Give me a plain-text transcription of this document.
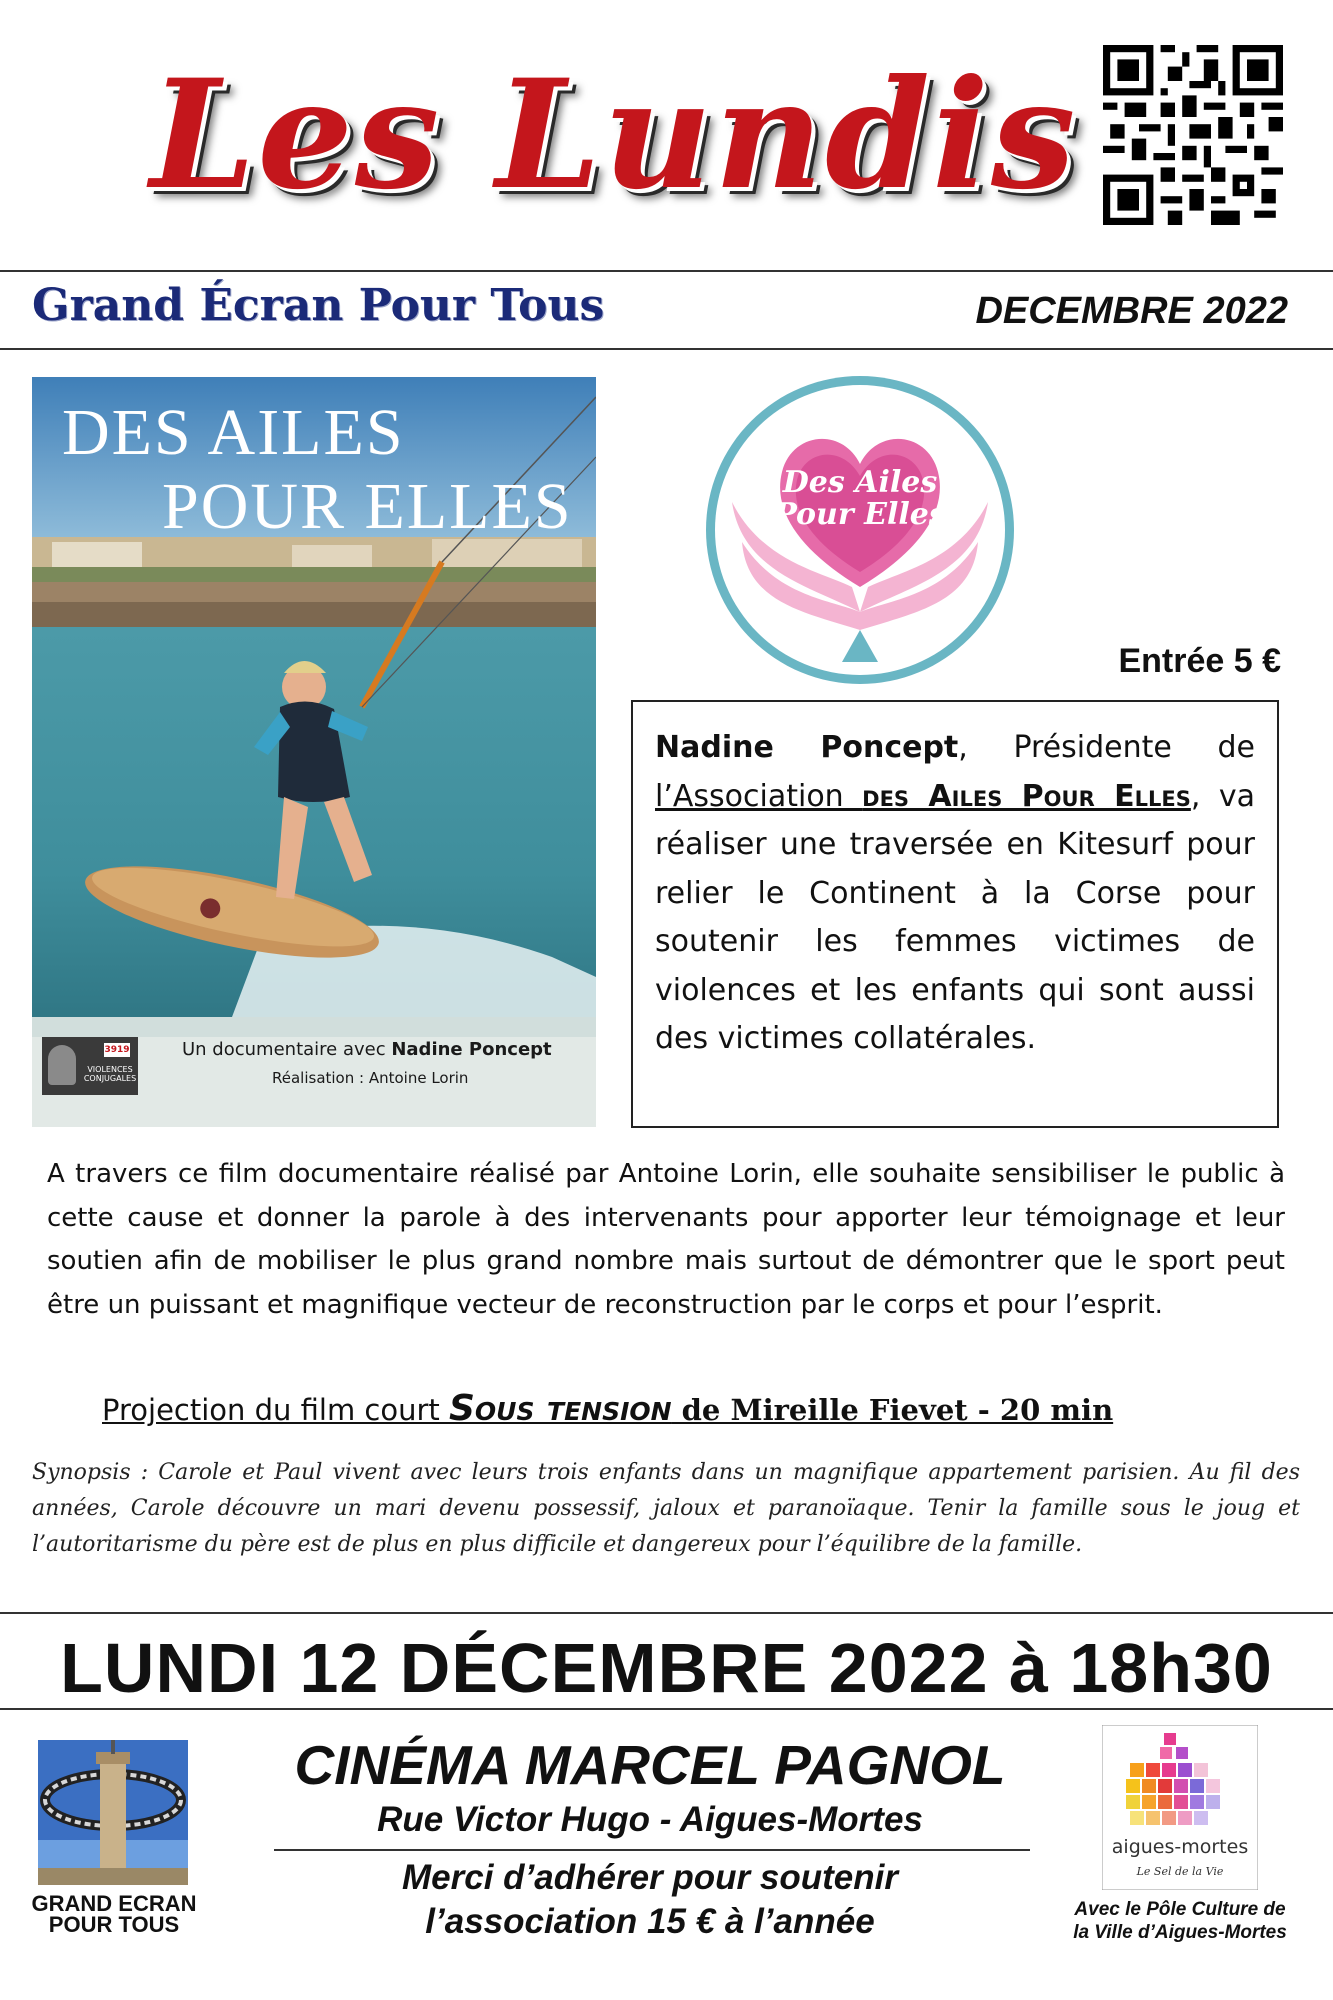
Les Lundis
Grand Écran Pour Tous	DECEMBRE 2022
DES AILES
POUR ELLES
3919
VIOLENCES CONJUGALES
Un documentaire avec Nadine Poncept
Réalisation : Antoine Lorin
Des Ailes
Pour Elles
Entrée 5 €
Nadine Poncept, Présidente de l’Association des Ailes Pour Elles, va réaliser une traversée en Kitesurf pour relier le Continent à la Corse pour soutenir les femmes victimes de violences et les enfants qui sont aussi des victimes collatérales.
A travers ce film documentaire réalisé par Antoine Lorin, elle souhaite sensibiliser le public à cette cause et donner la parole à des intervenants pour apporter leur témoignage et leur soutien afin de mobiliser le plus grand nombre mais surtout de démontrer que le sport peut être un puissant et magnifique vecteur de reconstruction par le corps et pour l’esprit.
Projection du film court Sous tension de Mireille Fievet - 20 min
Synopsis : Carole et Paul vivent avec leurs trois enfants dans un magnifique appartement parisien. Au fil des années, Carole découvre un mari devenu possessif, jaloux et paranoïaque. Tenir la famille sous le joug et l’autoritarisme du père est de plus en plus difficile et dangereux pour l’équilibre de la famille.
LUNDI 12 DÉCEMBRE 2022 à 18h30
GRAND ECRAN
POUR TOUS
CINÉMA MARCEL PAGNOL
Rue Victor Hugo - Aigues-Mortes
Merci d’adhérer pour soutenir
l’association 15 € à l’année
aigues-mortes
Le Sel de la Vie
Avec le Pôle Culture de
la Ville d’Aigues-Mortes
